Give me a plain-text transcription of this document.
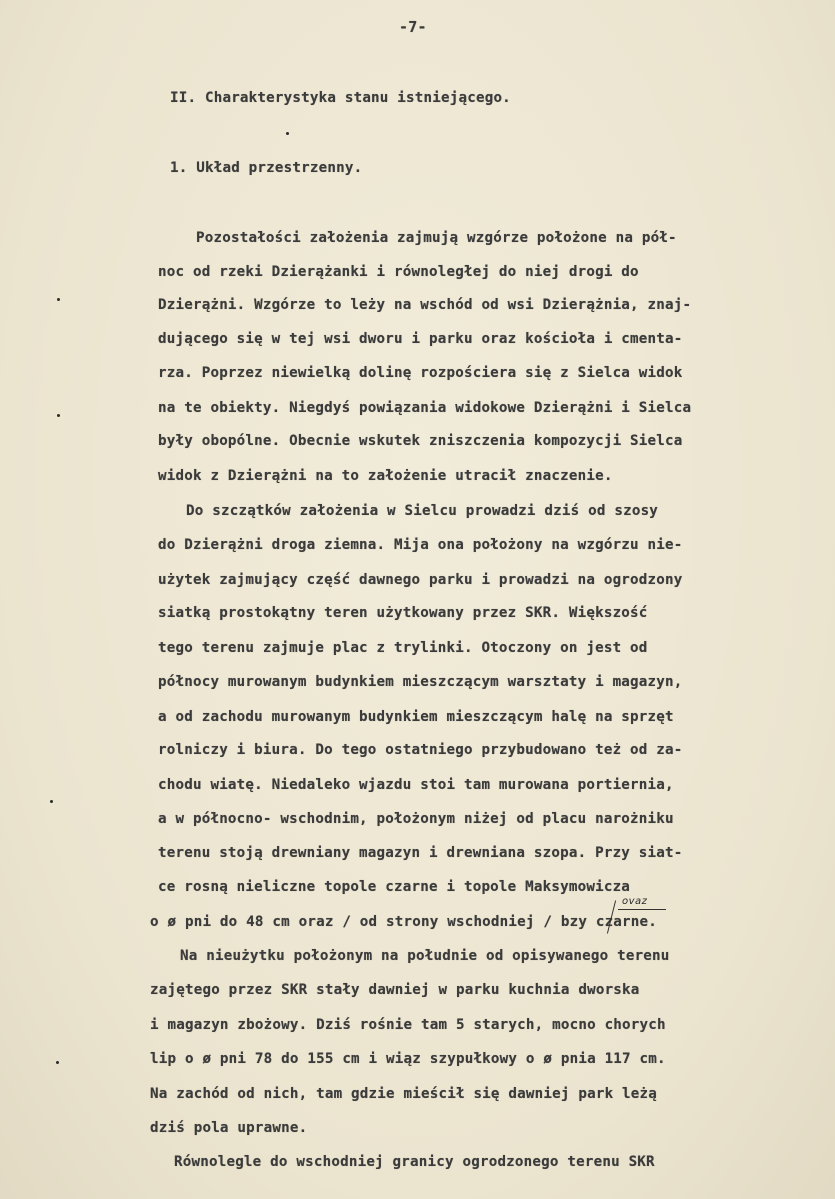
-7-
II. Charakterystyka stanu istniejącego.
1. Układ przestrzenny.
Pozostałości założenia zajmują wzgórze położone na pół-
noc od rzeki Dzierążanki i równoległej do niej drogi do
Dzierążni. Wzgórze to leży na wschód od wsi Dzierążnia, znaj-
dującego się w tej wsi dworu i parku oraz kościoła i cmenta-
rza. Poprzez niewielką dolinę rozpościera się z Sielca widok
na te obiekty. Niegdyś powiązania widokowe Dzierążni i Sielca
były obopólne. Obecnie wskutek zniszczenia kompozycji Sielca
widok z Dzierążni na to założenie utracił znaczenie.
Do szczątków założenia w Sielcu prowadzi dziś od szosy
do Dzierążni droga ziemna. Mija ona położony na wzgórzu nie-
użytek zajmujący część dawnego parku i prowadzi na ogrodzony
siatką prostokątny teren użytkowany przez SKR. Większość
tego terenu zajmuje plac z trylinki. Otoczony on jest od
północy murowanym budynkiem mieszczącym warsztaty i magazyn,
a od zachodu murowanym budynkiem mieszczącym halę na sprzęt
rolniczy i biura. Do tego ostatniego przybudowano też od za-
chodu wiatę. Niedaleko wjazdu stoi tam murowana portiernia,
a w północno- wschodnim, położonym niżej od placu narożniku
terenu stoją drewniany magazyn i drewniana szopa. Przy siat-
ce rosną nieliczne topole czarne i topole Maksymowicza
o ø pni do 48 cm oraz / od strony wschodniej / bzy czarne.
Na nieużytku położonym na południe od opisywanego terenu
zajętego przez SKR stały dawniej w parku kuchnia dworska
i magazyn zbożowy. Dziś rośnie tam 5 starych, mocno chorych
lip o ø pni 78 do 155 cm i wiąz szypułkowy o ø pnia 117 cm.
Na zachód od nich, tam gdzie mieścił się dawniej park leżą
dziś pola uprawne.
Równolegle do wschodniej granicy ogrodzonego terenu SKR
ovaz
